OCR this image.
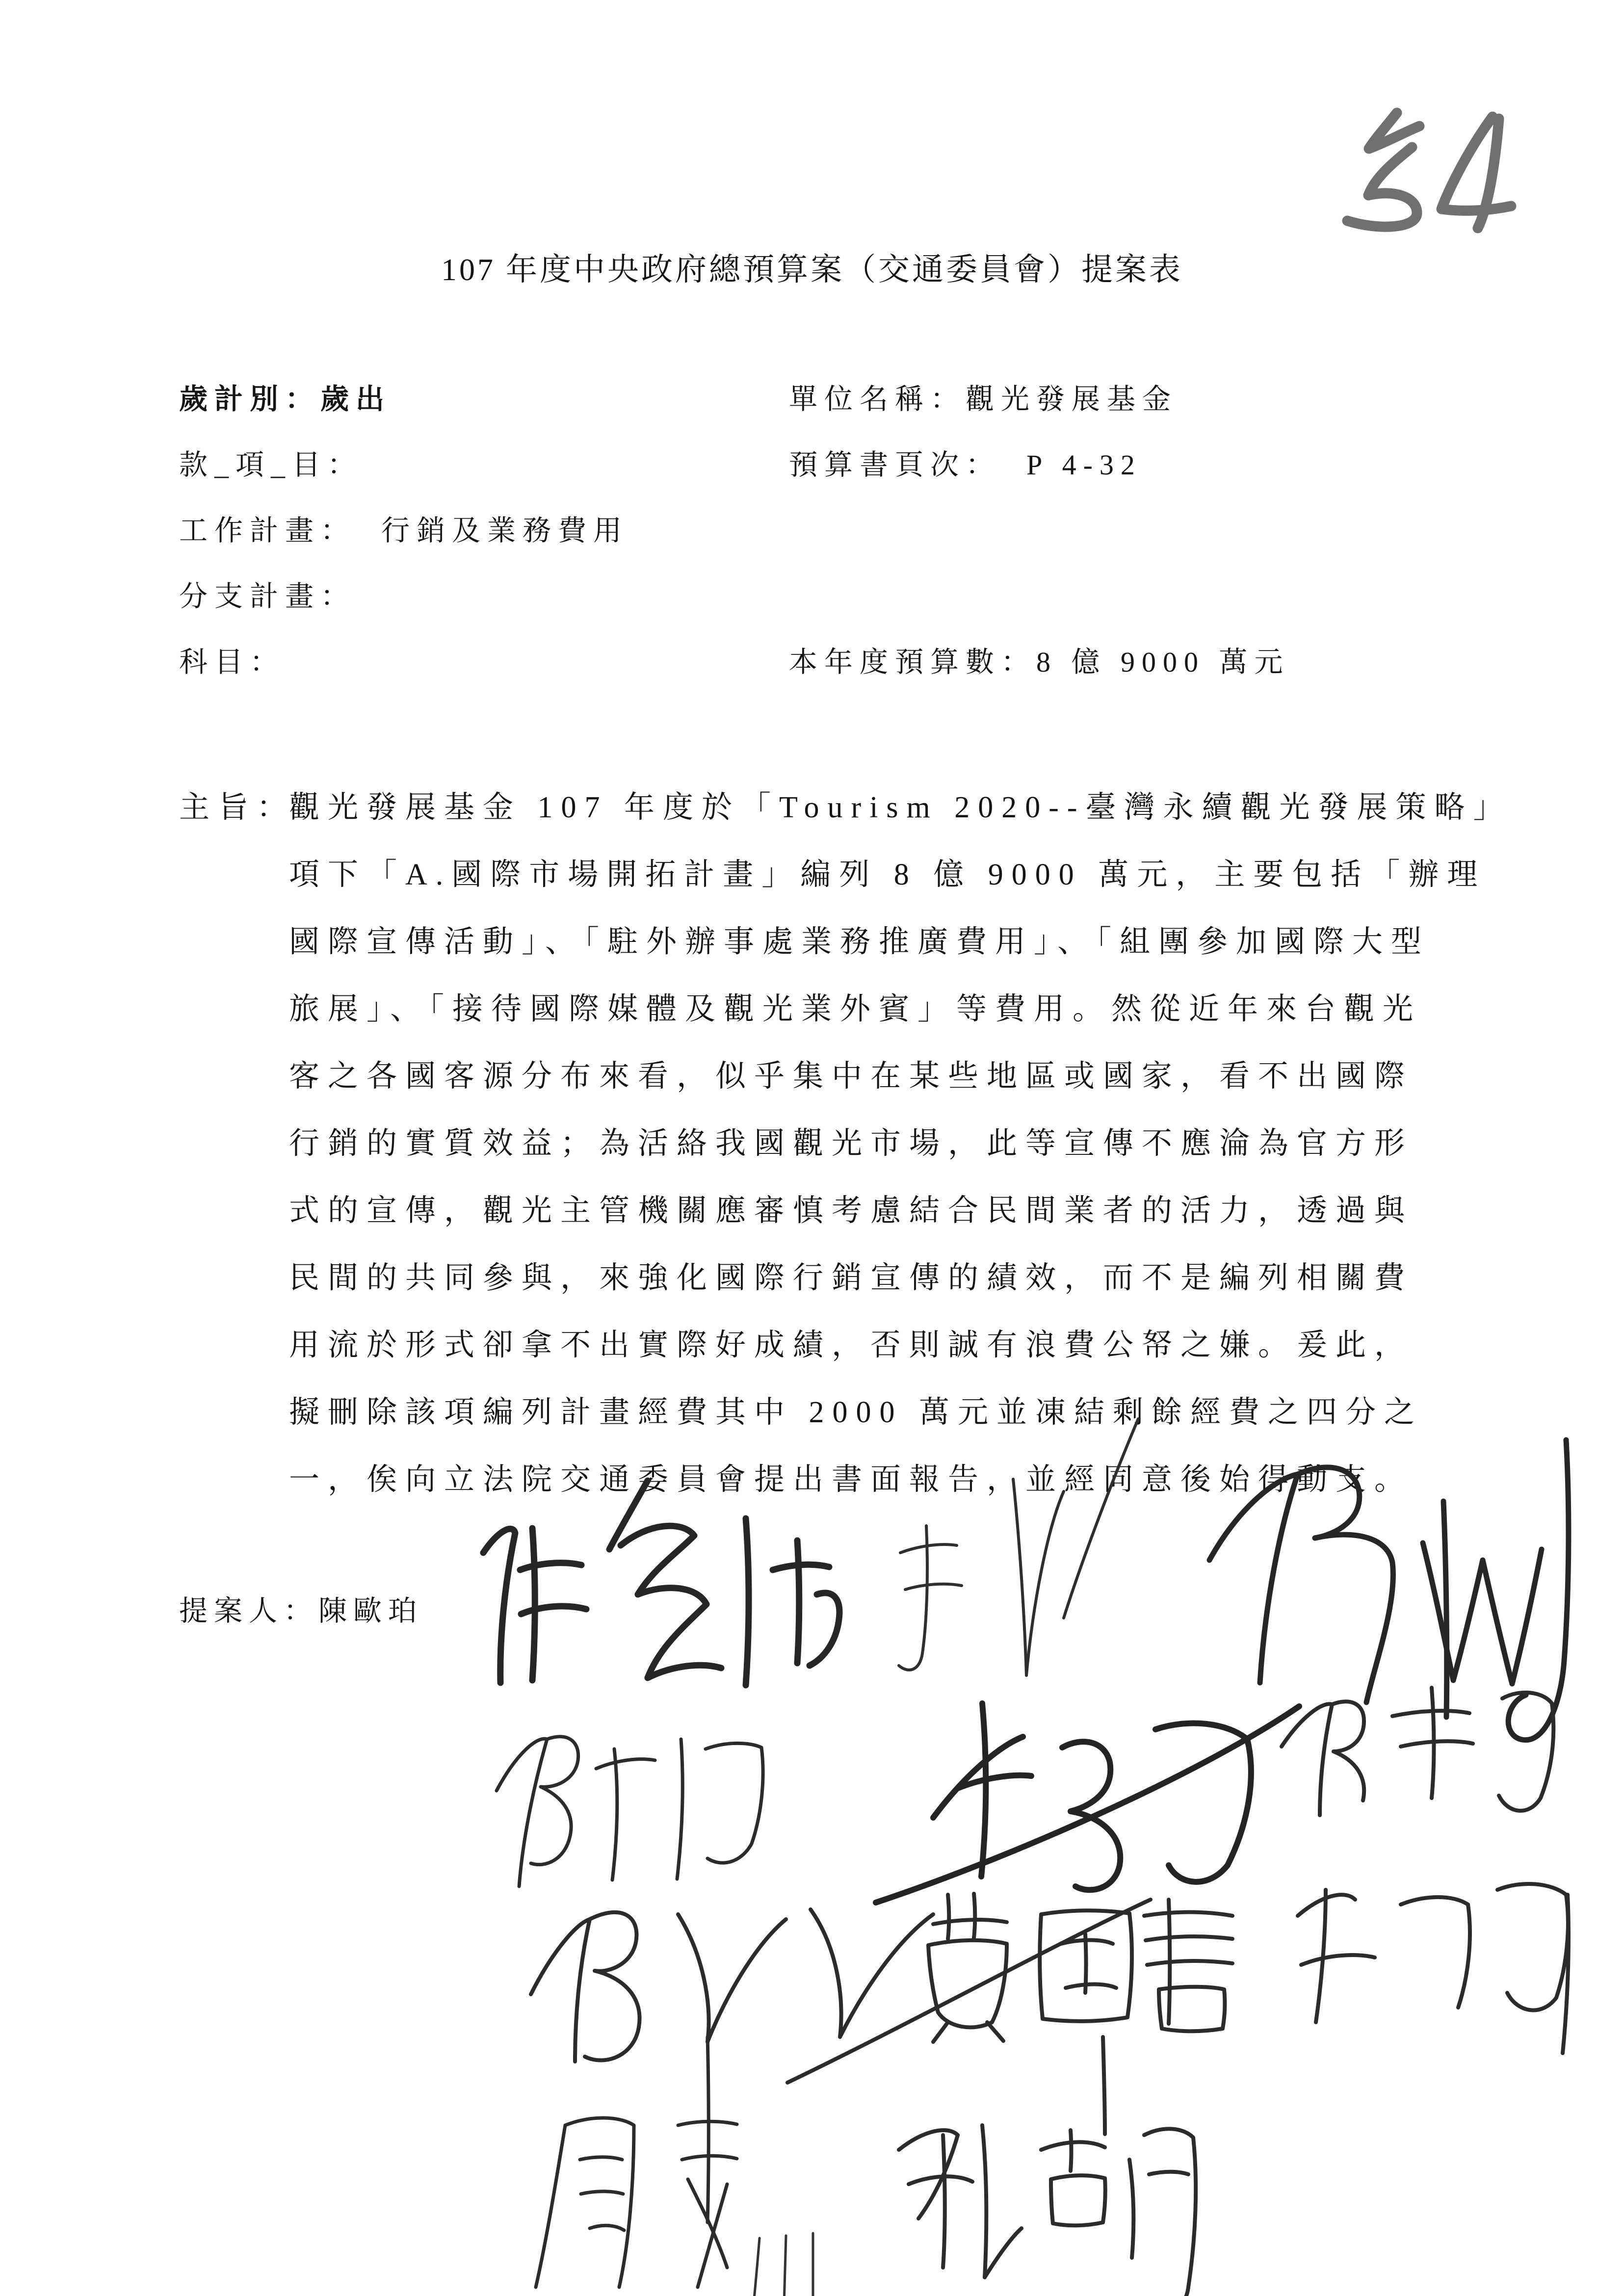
107 年度中央政府總預算案（交通委員會）提案表
歲計別：歲出
款_項_目：
工作計畫： 行銷及業務費用
分支計畫：
科目：
單位名稱：觀光發展基金
預算書頁次： P 4-32
本年度預算數：8 億 9000 萬元
主旨：
觀光發展基金 107 年度於「Tourism 2020--臺灣永續觀光發展策略」
項下「A.國際市場開拓計畫」編列 8 億 9000 萬元，主要包括「辦理
國際宣傳活動」、「駐外辦事處業務推廣費用」、「組團參加國際大型
旅展」、「接待國際媒體及觀光業外賓」等費用。然從近年來台觀光
客之各國客源分布來看，似乎集中在某些地區或國家，看不出國際
行銷的實質效益；為活絡我國觀光市場，此等宣傳不應淪為官方形
式的宣傳，觀光主管機關應審慎考慮結合民間業者的活力，透過與
民間的共同參與，來強化國際行銷宣傳的績效，而不是編列相關費
用流於形式卻拿不出實際好成績，否則誠有浪費公帑之嫌。爰此，
擬刪除該項編列計畫經費其中 2000 萬元並凍結剩餘經費之四分之
一，俟向立法院交通委員會提出書面報告，並經同意後始得動支。
提案人：陳歐珀
